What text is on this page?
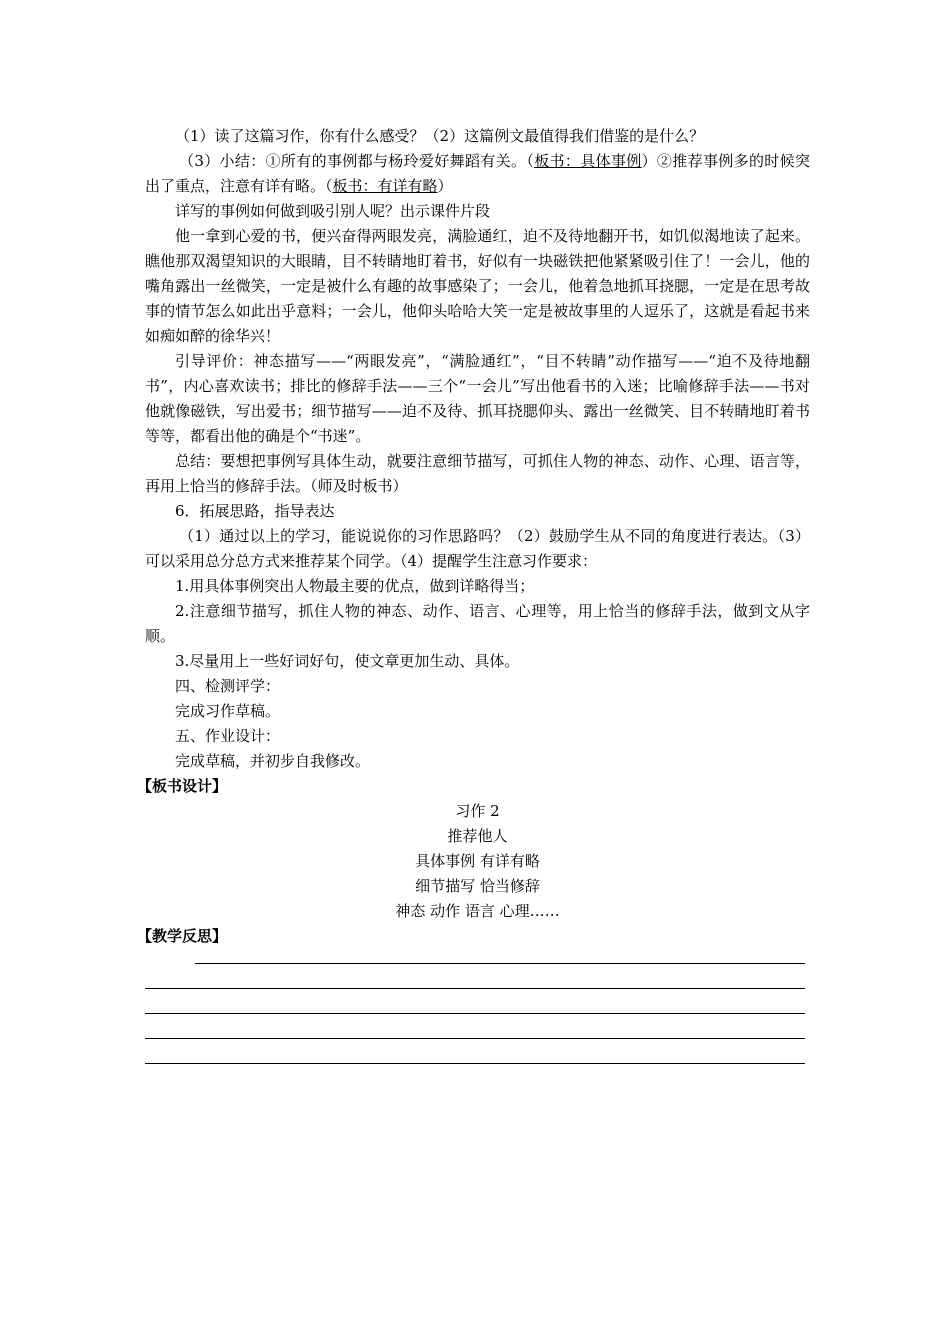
（1）读了这篇习作，你有什么感受？（2）这篇例文最值得我们借鉴的是什么？

（3）小结：①所有的事例都与杨玲爱好舞蹈有关。（板书：具体事例）②推荐事例多的时候突出了重点，注意有详有略。（板书：有详有略）

详写的事例如何做到吸引别人呢？出示课件片段

他一拿到心爱的书，便兴奋得两眼发亮，满脸通红，迫不及待地翻开书，如饥似渴地读了起来。瞧他那双渴望知识的大眼睛，目不转睛地盯着书，好似有一块磁铁把他紧紧吸引住了！一会儿，他的嘴角露出一丝微笑，一定是被什么有趣的故事感染了；一会儿，他着急地抓耳挠腮，一定是在思考故事的情节怎么如此出乎意料；一会儿，他仰头哈哈大笑一定是被故事里的人逗乐了，这就是看起书来如痴如醉的徐华兴！

引导评价：神态描写——“两眼发亮”，“满脸通红”，“目不转睛”动作描写——“迫不及待地翻书”，内心喜欢读书；排比的修辞手法——三个“一会儿”写出他看书的入迷；比喻修辞手法——书对他就像磁铁，写出爱书；细节描写——迫不及待、抓耳挠腮仰头、露出一丝微笑、目不转睛地盯着书等等，都看出他的确是个“书迷”。

总结：要想把事例写具体生动，就要注意细节描写，可抓住人物的神态、动作、心理、语言等，再用上恰当的修辞手法。（师及时板书）

6．拓展思路，指导表达

（1）通过以上的学习，能说说你的习作思路吗？（2）鼓励学生从不同的角度进行表达。（3）可以采用总分总方式来推荐某个同学。（4）提醒学生注意习作要求：

1.用具体事例突出人物最主要的优点，做到详略得当；

2.注意细节描写，抓住人物的神态、动作、语言、心理等，用上恰当的修辞手法，做到文从字顺。

3.尽量用上一些好词好句，使文章更加生动、具体。

四、检测评学：

完成习作草稿。

五、作业设计：

完成草稿，并初步自我修改。

【板书设计】

习作 2
推荐他人
具体事例 有详有略
细节描写 恰当修辞
神态 动作 语言 心理……

【教学反思】
